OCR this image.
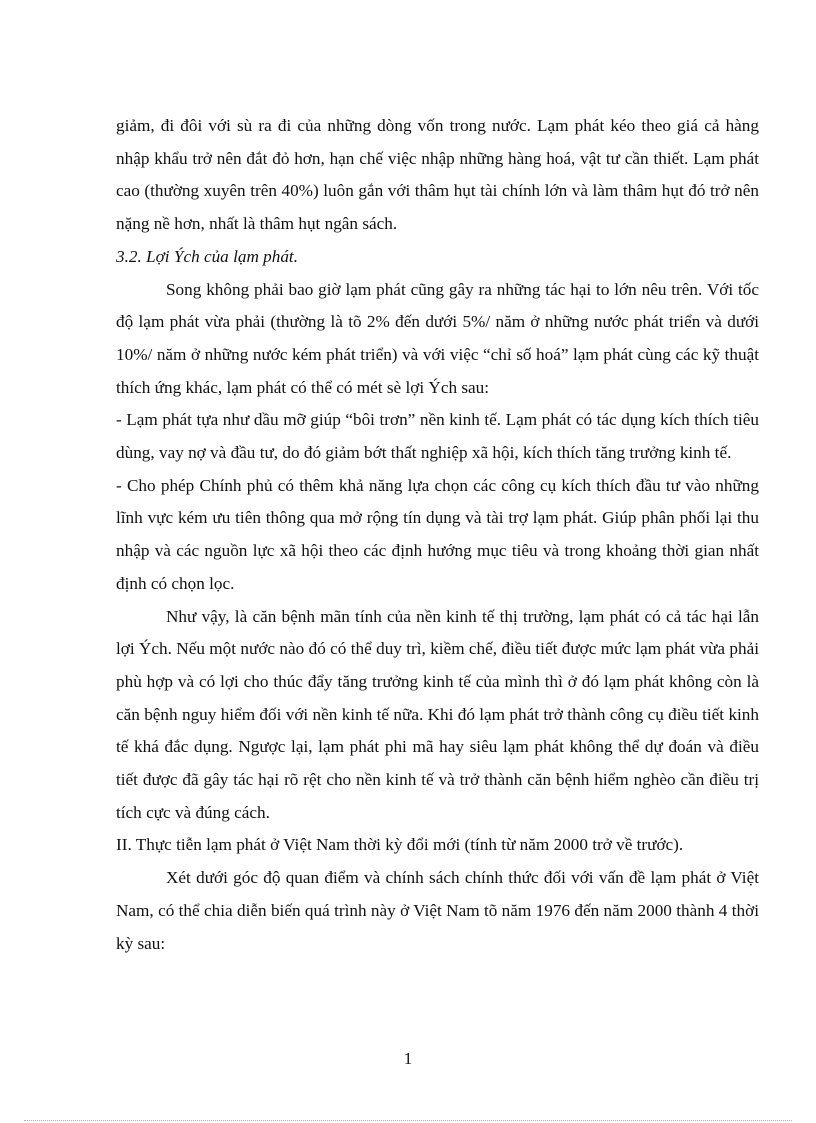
giảm, đi đôi với sù ra đi của những dòng vốn trong nước. Lạm phát kéo theo giá cả hàng nhập khẩu trở nên đắt đỏ hơn, hạn chế việc nhập những hàng hoá, vật tư cần thiết. Lạm phát cao (thường xuyên trên 40%) luôn gắn với thâm hụt tài chính lớn và làm thâm hụt đó trở nên nặng nề hơn, nhất là thâm hụt ngân sách.

3.2. Lợi Ých của lạm phát.

Song không phải bao giờ lạm phát cũng gây ra những tác hại to lớn nêu trên. Với tốc độ lạm phát vừa phải (thường là tõ 2% đến dưới 5%/ năm ở những nước phát triển và dưới 10%/ năm ở những nước kém phát triển) và với việc “chỉ số hoá” lạm phát cùng các kỹ thuật thích ứng khác, lạm phát có thể có mét sè lợi Ých sau:

- Lạm phát tựa như dầu mỡ giúp “bôi trơn” nền kinh tế. Lạm phát có tác dụng kích thích tiêu dùng, vay nợ và đầu tư, do đó giảm bớt thất nghiệp xã hội, kích thích tăng trưởng kinh tế.

- Cho phép Chính phủ có thêm khả năng lựa chọn các công cụ kích thích đầu tư vào những lĩnh vực kém ưu tiên thông qua mở rộng tín dụng và tài trợ lạm phát. Giúp phân phối lại thu nhập và các nguồn lực xã hội theo các định hướng mục tiêu và trong khoảng thời gian nhất định có chọn lọc.

Như vậy, là căn bệnh mãn tính của nền kinh tế thị trường, lạm phát có cả tác hại lẫn lợi Ých. Nếu một nước nào đó có thể duy trì, kiềm chế, điều tiết được mức lạm phát vừa phải phù hợp và có lợi cho thúc đẩy tăng trưởng kinh tế của mình thì ở đó lạm phát không còn là căn bệnh nguy hiểm đối với nền kinh tế nữa. Khi đó lạm phát trở thành công cụ điều tiết kinh tế khá đắc dụng. Ngược lại, lạm phát phi mã hay siêu lạm phát không thể dự đoán và điều tiết được đã gây tác hại rõ rệt cho nền kinh tế và trở thành căn bệnh hiểm nghèo cần điều trị tích cực và đúng cách.

II. Thực tiễn lạm phát ở Việt Nam thời kỳ đổi mới (tính từ năm 2000 trở về trước).

Xét dưới góc độ quan điểm và chính sách chính thức đối với vấn đề lạm phát ở Việt Nam, có thể chia diễn biến quá trình này ở Việt Nam tõ năm 1976 đến năm 2000 thành 4 thời kỳ sau:

1
